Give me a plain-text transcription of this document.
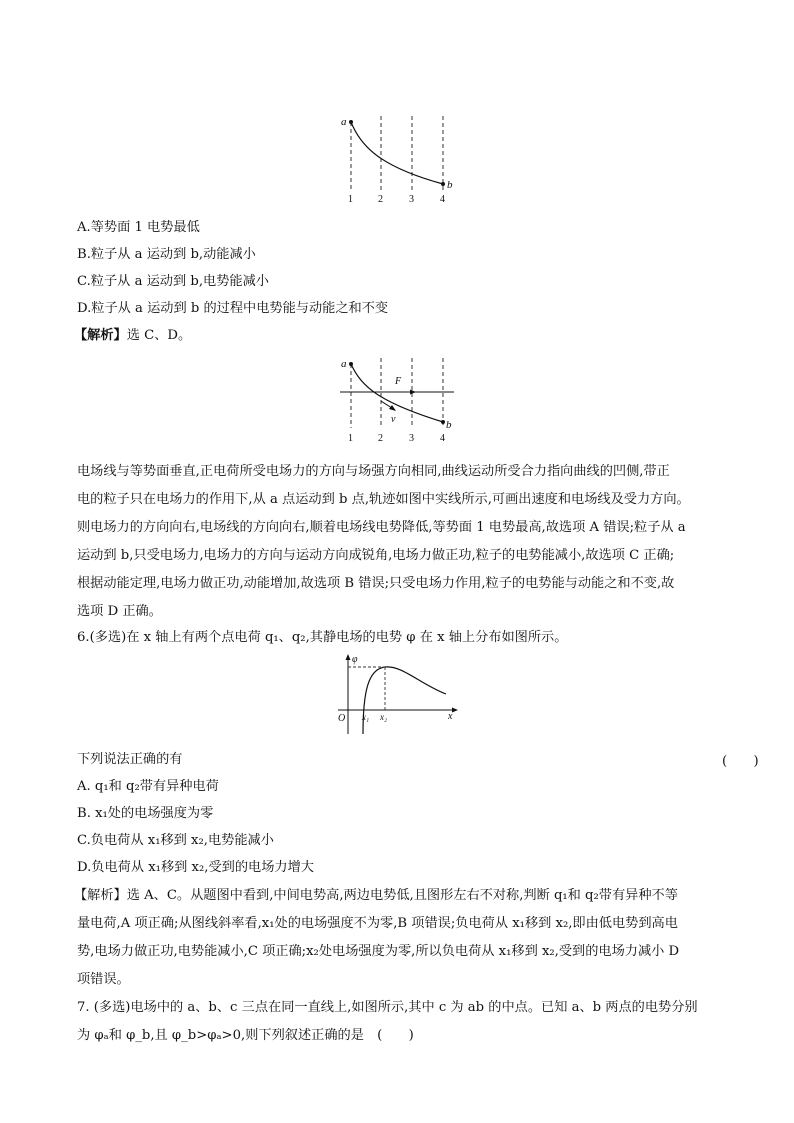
a
b
1	2	3	4
A.等势面 1 电势最低
B.粒子从 a 运动到 b,动能减小
C.粒子从 a 运动到 b,电势能减小
D.粒子从 a 运动到 b 的过程中电势能与动能之和不变
【解析】选 C、D。
a
b
F
v
1	2	3	4
电场线与等势面垂直,正电荷所受电场力的方向与场强方向相同,曲线运动所受合力指向曲线的凹侧,带正
电的粒子只在电场力的作用下,从 a 点运动到 b 点,轨迹如图中实线所示,可画出速度和电场线及受力方向。
则电场力的方向向右,电场线的方向向右,顺着电场线电势降低,等势面 1 电势最高,故选项 A 错误;粒子从 a
运动到 b,只受电场力,电场力的方向与运动方向成锐角,电场力做正功,粒子的电势能减小,故选项 C 正确;
根据动能定理,电场力做正功,动能增加,故选项 B 错误;只受电场力作用,粒子的电势能与动能之和不变,故
选项 D 正确。
6.(多选)在 x 轴上有两个点电荷 q₁、q₂,其静电场的电势 φ 在 x 轴上分布如图所示。
φ
O x₁ x₂	x
下列说法正确的有	(　　)
A. q₁和 q₂带有异种电荷
B. x₁处的电场强度为零
C.负电荷从 x₁移到 x₂,电势能减小
D.负电荷从 x₁移到 x₂,受到的电场力增大
【解析】选 A、C。从题图中看到,中间电势高,两边电势低,且图形左右不对称,判断 q₁和 q₂带有异种不等
量电荷,A 项正确;从图线斜率看,x₁处的电场强度不为零,B 项错误;负电荷从 x₁移到 x₂,即由低电势到高电
势,电场力做正功,电势能减小,C 项正确;x₂处电场强度为零,所以负电荷从 x₁移到 x₂,受到的电场力减小 D
项错误。
7. (多选)电场中的 a、b、c 三点在同一直线上,如图所示,其中 c 为 ab 的中点。已知 a、b 两点的电势分别
为 φₐ和 φ_b,且 φ_b>φₐ>0,则下列叙述正确的是　(　　)
